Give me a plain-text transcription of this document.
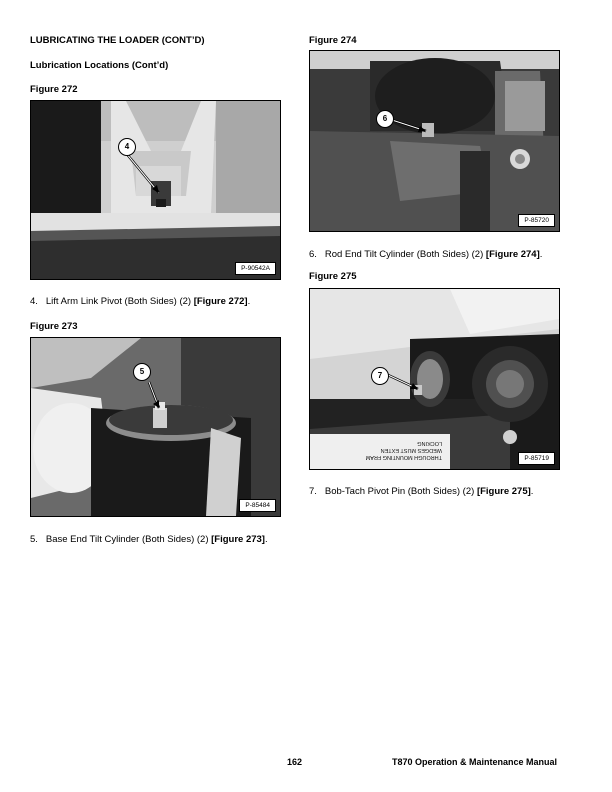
LUBRICATING THE LOADER (CONT’D)
Lubrication Locations (Cont’d)
Figure 272
4
P-90542A
4. Lift Arm Link Pivot (Both Sides) (2) [Figure 272].
Figure 273
5
P-85484
5. Base End Tilt Cylinder (Both Sides) (2) [Figure 273].
Figure 274
6
P-85720
6. Rod End Tilt Cylinder (Both Sides) (2) [Figure 274].
Figure 275
THROUGH MOUNTING FRAM
WEDGES MUST EXTEN
LOCKING
7
P-85719
7. Bob-Tach Pivot Pin (Both Sides) (2) [Figure 275].
162	T870 Operation & Maintenance Manual
